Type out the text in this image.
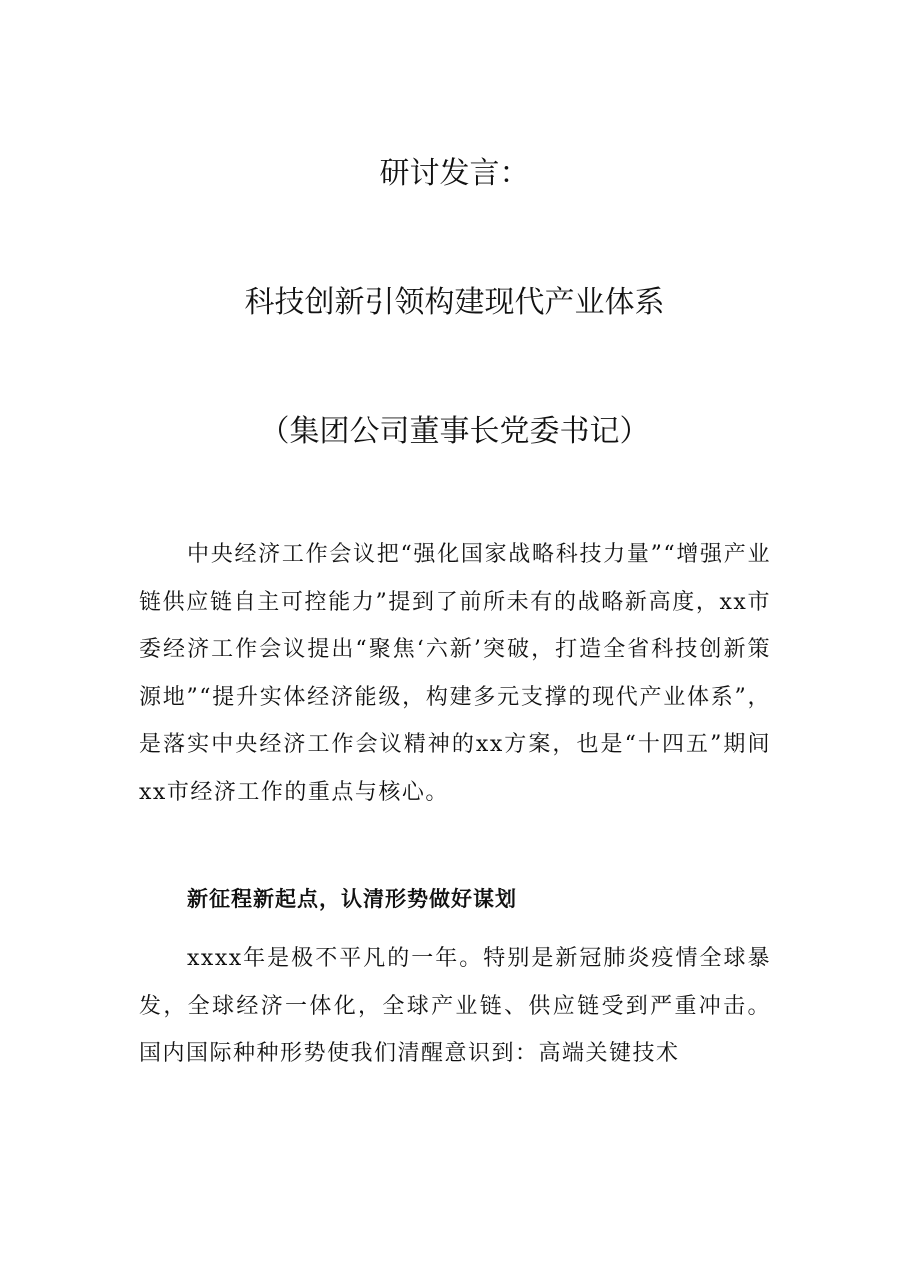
研讨发言：
科技创新引领构建现代产业体系
（集团公司董事长党委书记）
中央经济工作会议把“强化国家战略科技力量”“增强产业链供应链自主可控能力”提到了前所未有的战略新高度，xx市委经济工作会议提出“聚焦‘六新’突破，打造全省科技创新策源地”“提升实体经济能级，构建多元支撑的现代产业体系”，是落实中央经济工作会议精神的xx方案，也是“十四五”期间xx市经济工作的重点与核心。
新征程新起点，认清形势做好谋划
xxxx年是极不平凡的一年。特别是新冠肺炎疫情全球暴发，全球经济一体化，全球产业链、供应链受到严重冲击。国内国际种种形势使我们清醒意识到：高端关键技术
